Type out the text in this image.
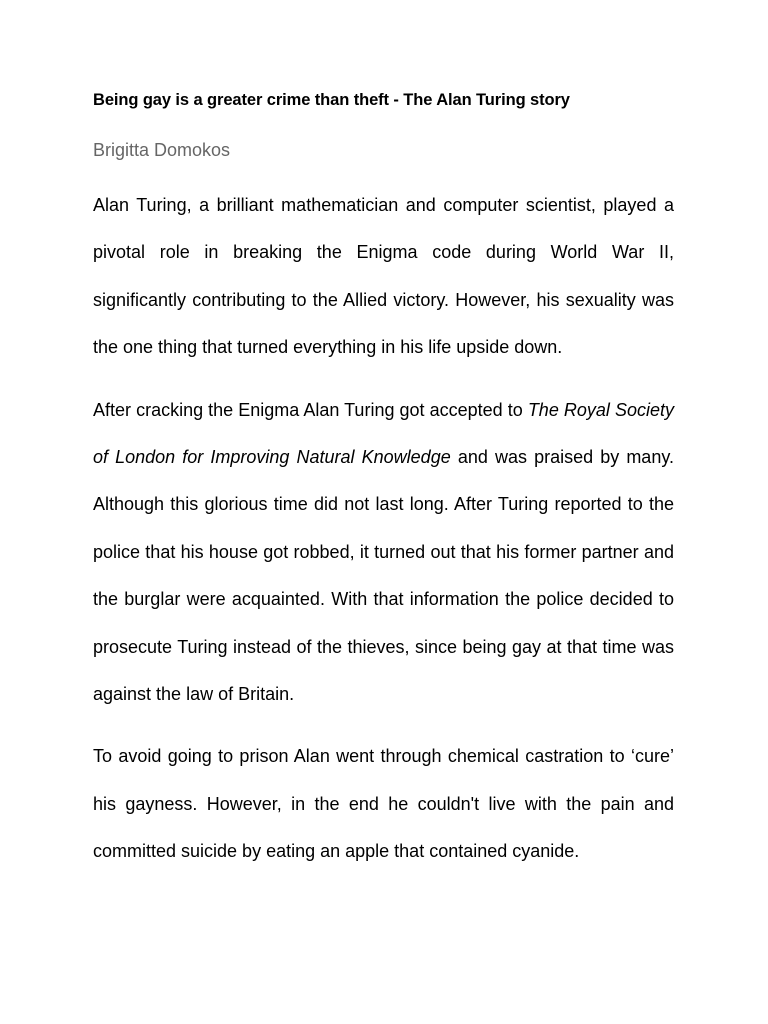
Being gay is a greater crime than theft - The Alan Turing story

Brigitta Domokos

Alan Turing, a brilliant mathematician and computer scientist, played a pivotal role in breaking the Enigma code during World War II, significantly contributing to the Allied victory. However, his sexuality was the one thing that turned everything in his life upside down.

After cracking the Enigma Alan Turing got accepted to The Royal Society of London for Improving Natural Knowledge and was praised by many. Although this glorious time did not last long. After Turing reported to the police that his house got robbed, it turned out that his former partner and the burglar were acquainted. With that information the police decided to prosecute Turing instead of the thieves, since being gay at that time was against the law of Britain.

To avoid going to prison Alan went through chemical castration to ‘cure’ his gayness. However, in the end he couldn't live with the pain and committed suicide by eating an apple that contained cyanide.
